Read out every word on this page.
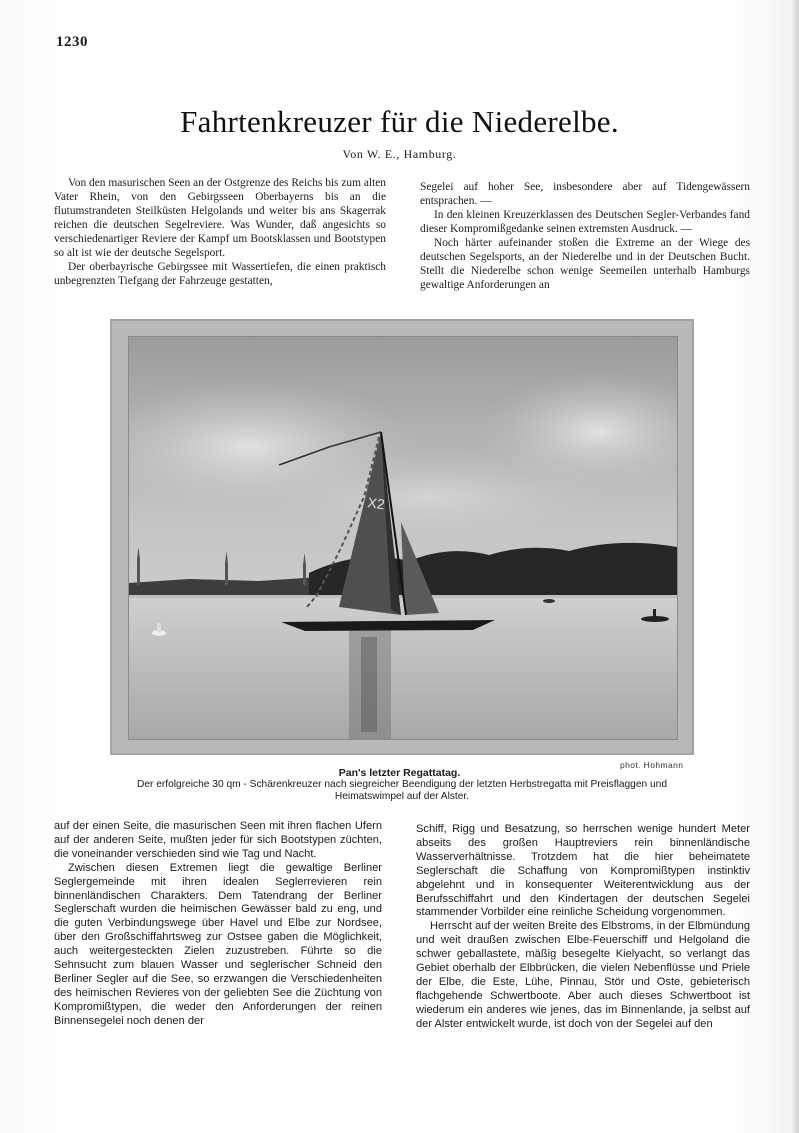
1230
Fahrtenkreuzer für die Niederelbe.
Von W. E., Hamburg.

Von den masurischen Seen an der Ostgrenze des Reichs bis zum alten Vater Rhein, von den Gebirgsseen Oberbayerns bis an die flutumstrandeten Steilküsten Helgolands und weiter bis ans Skagerrak reichen die deutschen Segelreviere. Was Wunder, daß angesichts so verschiedenartiger Reviere der Kampf um Bootsklassen und Bootstypen so alt ist wie der deutsche Segelsport.

Der oberbayrische Gebirgssee mit Wassertiefen, die einen praktisch unbegrenzten Tiefgang der Fahrzeuge gestatten,

Segelei auf hoher See, insbesondere aber auf Tidengewässern entsprachen. —

In den kleinen Kreuzerklassen des Deutschen Segler-Verbandes fand dieser Kompromißgedanke seinen extremsten Ausdruck. —

Noch härter aufeinander stoßen die Extreme an der Wiege des deutschen Segelsports, an der Niederelbe und in der Deutschen Bucht. Stellt die Niederelbe schon wenige Seemeilen unterhalb Hamburgs gewaltige Anforderungen an

X2
phot. Hohmann
Pan's letzter Regattatag.
Der erfolgreiche 30 qm - Schärenkreuzer nach siegreicher Beendigung der letzten Herbstregatta mit Preisflaggen und Heimatswimpel auf der Alster.

auf der einen Seite, die masurischen Seen mit ihren flachen Ufern auf der anderen Seite, mußten jeder für sich Bootstypen züchten, die voneinander verschieden sind wie Tag und Nacht.

Zwischen diesen Extremen liegt die gewaltige Berliner Seglergemeinde mit ihren idealen Seglerrevieren rein binnenländischen Charakters. Dem Tatendrang der Berliner Seglerschaft wurden die heimischen Gewässer bald zu eng, und die guten Verbindungswege über Havel und Elbe zur Nordsee, über den Großschiffahrtsweg zur Ostsee gaben die Möglichkeit, auch weitergesteckten Zielen zuzustreben. Führte so die Sehnsucht zum blauen Wasser und seglerischer Schneid den Berliner Segler auf die See, so erzwangen die Verschiedenheiten des heimischen Revieres von der geliebten See die Züchtung von Kompromißtypen, die weder den Anforderungen der reinen Binnensegelei noch denen der

Schiff, Rigg und Besatzung, so herrschen wenige hundert Meter abseits des großen Hauptreviers rein binnenländische Wasserverhältnisse. Trotzdem hat die hier beheimatete Seglerschaft die Schaffung von Kompromißtypen instinktiv abgelehnt und in konsequenter Weiterentwicklung aus der Berufsschiffahrt und den Kindertagen der deutschen Segelei stammender Vorbilder eine reinliche Scheidung vorgenommen.

Herrscht auf der weiten Breite des Elbstroms, in der Elbmündung und weit draußen zwischen Elbe-Feuerschiff und Helgoland die schwer geballastete, mäßig besegelte Kielyacht, so verlangt das Gebiet oberhalb der Elbbrücken, die vielen Nebenflüsse und Priele der Elbe, die Este, Lühe, Pinnau, Stör und Oste, gebieterisch flachgehende Schwertboote. Aber auch dieses Schwertboot ist wiederum ein anderes wie jenes, das im Binnenlande, ja selbst auf der Alster entwickelt wurde, ist doch von der Segelei auf den
